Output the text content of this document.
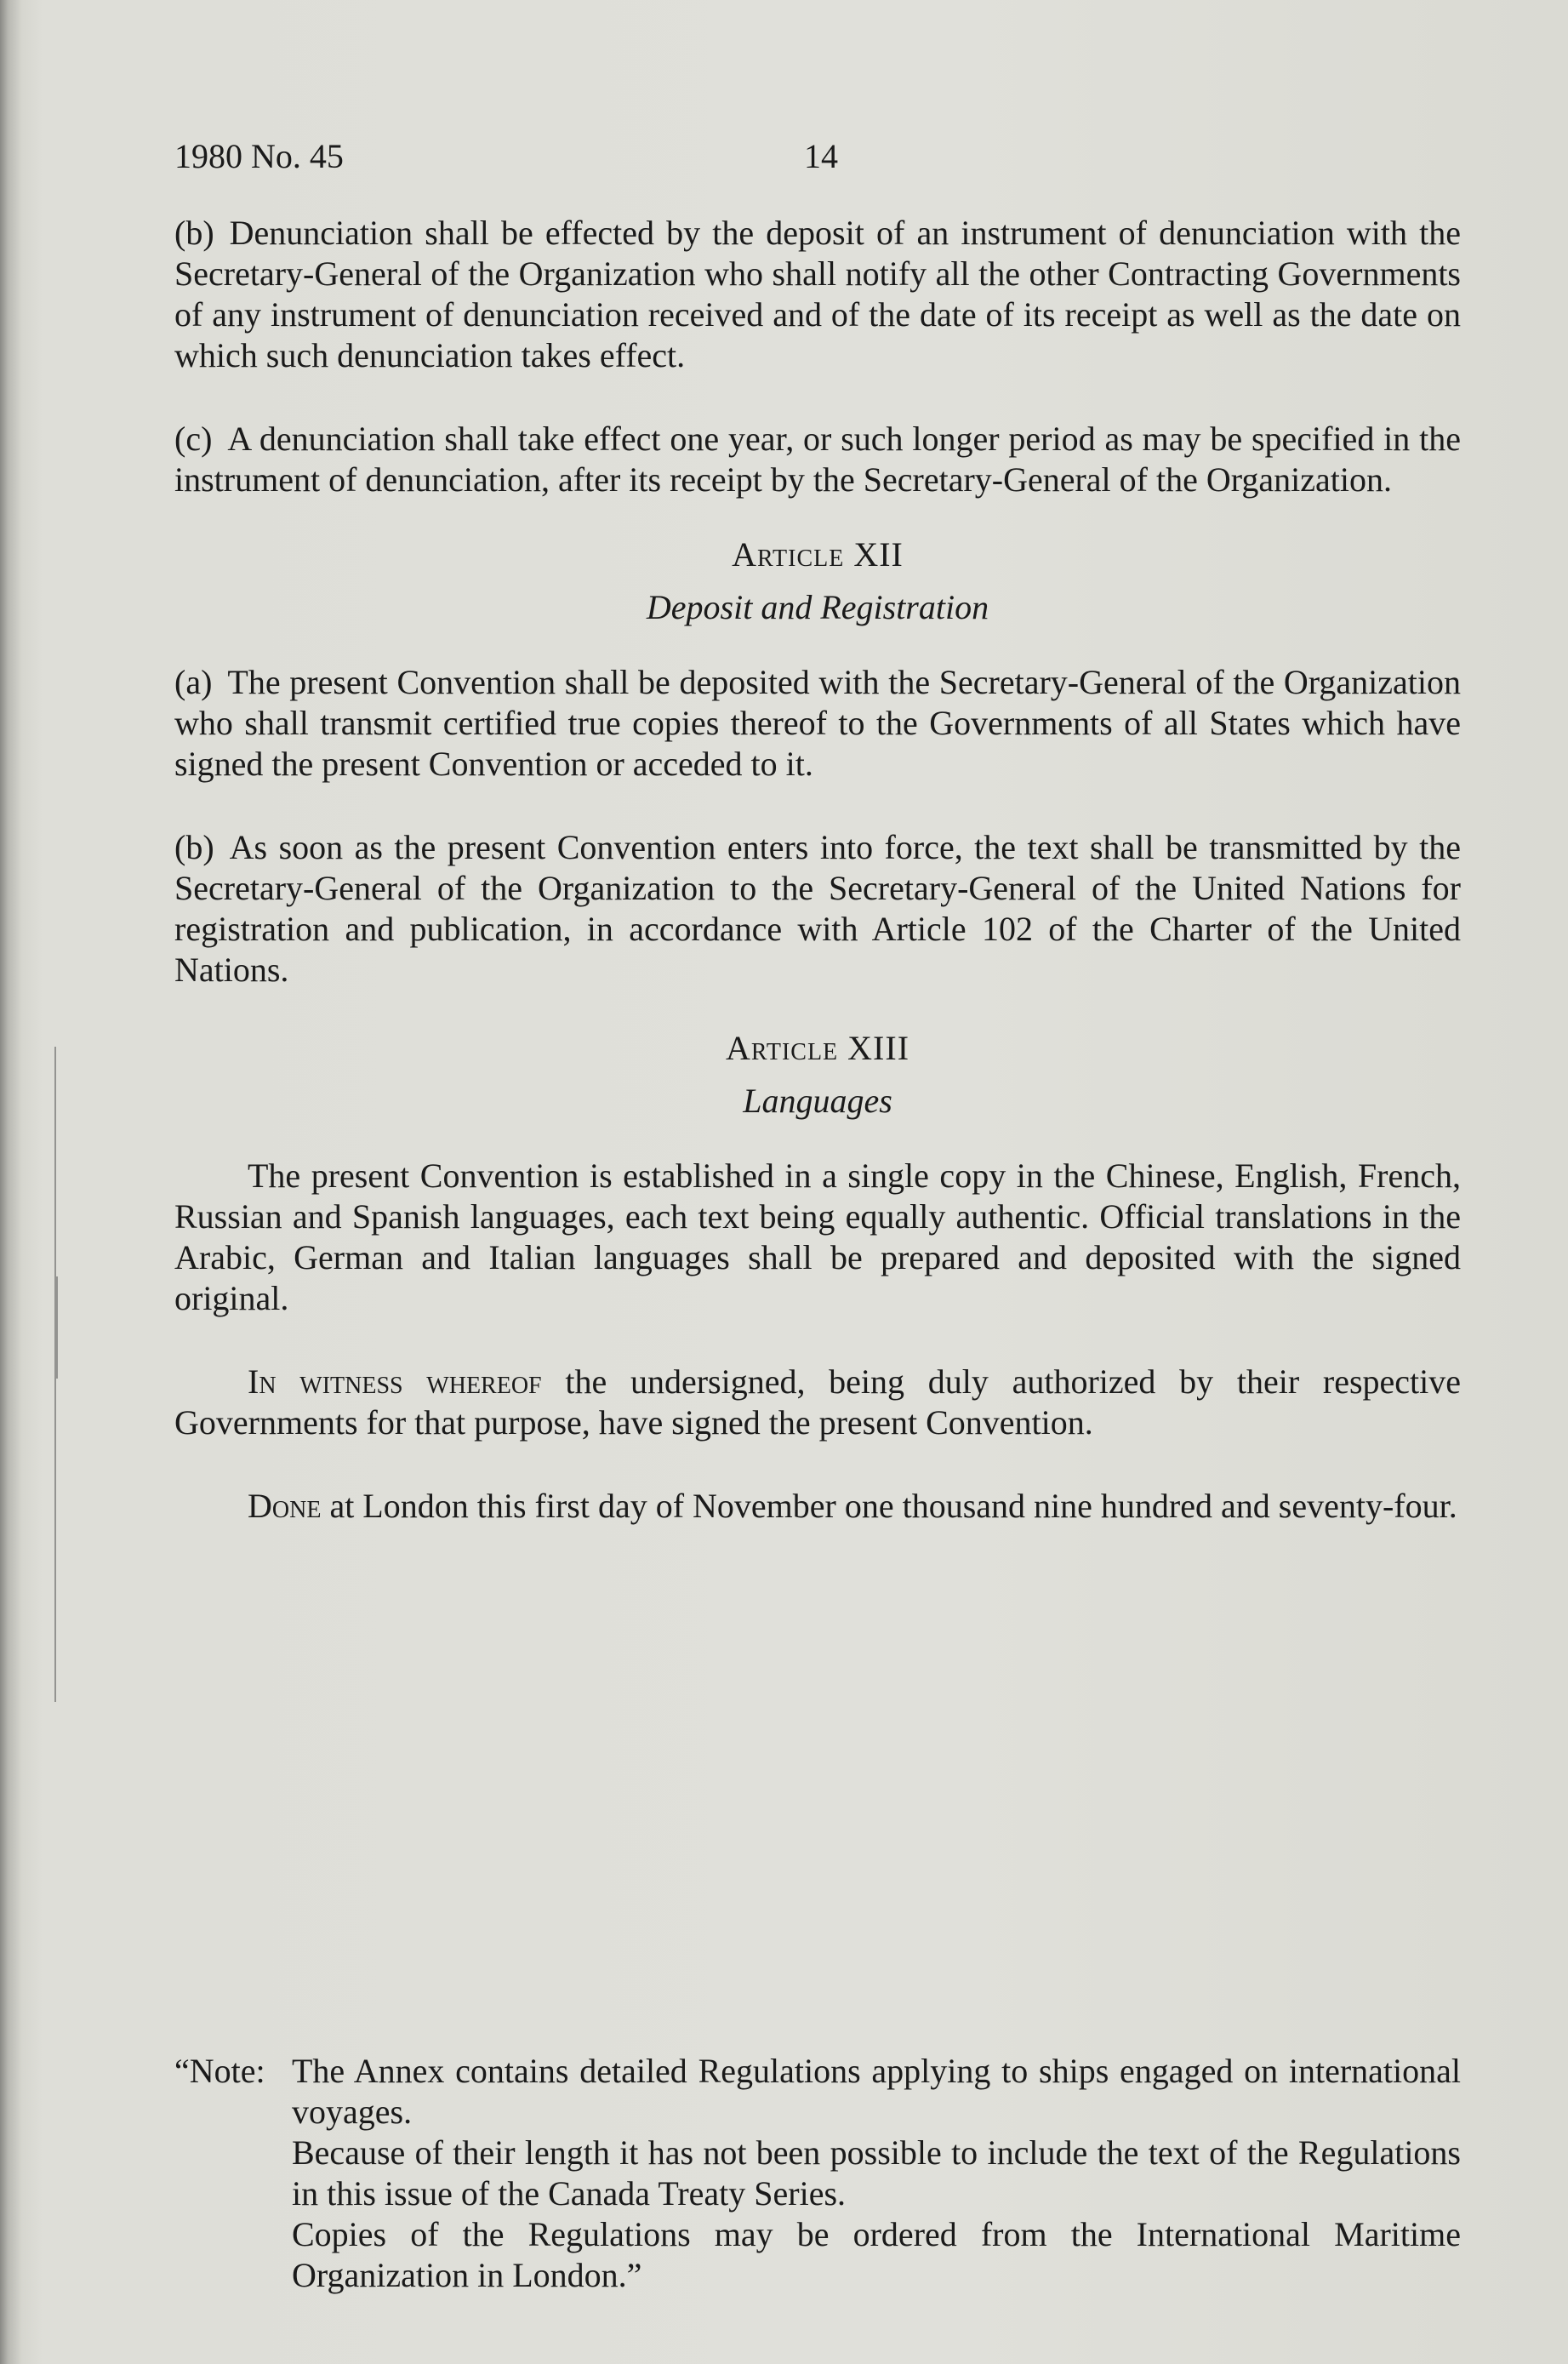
1980 No. 45	14

(b) Denunciation shall be effected by the deposit of an instrument of denunciation with the Secretary-General of the Organization who shall notify all the other Contracting Governments of any instrument of denunciation received and of the date of its receipt as well as the date on which such denunciation takes effect.

(c) A denunciation shall take effect one year, or such longer period as may be specified in the instrument of denunciation, after its receipt by the Secretary-General of the Organization.

Article XII
Deposit and Registration

(a) The present Convention shall be deposited with the Secretary-General of the Organization who shall transmit certified true copies thereof to the Governments of all States which have signed the present Convention or acceded to it.

(b) As soon as the present Convention enters into force, the text shall be transmitted by the Secretary-General of the Organization to the Secretary-General of the United Nations for registration and publication, in accordance with Article 102 of the Charter of the United Nations.

Article XIII
Languages

The present Convention is established in a single copy in the Chinese, English, French, Russian and Spanish languages, each text being equally authentic. Official translations in the Arabic, German and Italian languages shall be prepared and deposited with the signed original.

In witness whereof the undersigned, being duly authorized by their respective Governments for that purpose, have signed the present Convention.

Done at London this first day of November one thousand nine hundred and seventy-four.

“Note: The Annex contains detailed Regulations applying to ships engaged on international voyages.

Because of their length it has not been possible to include the text of the Regulations in this issue of the Canada Treaty Series.

Copies of the Regulations may be ordered from the International Maritime Organization in London.”
